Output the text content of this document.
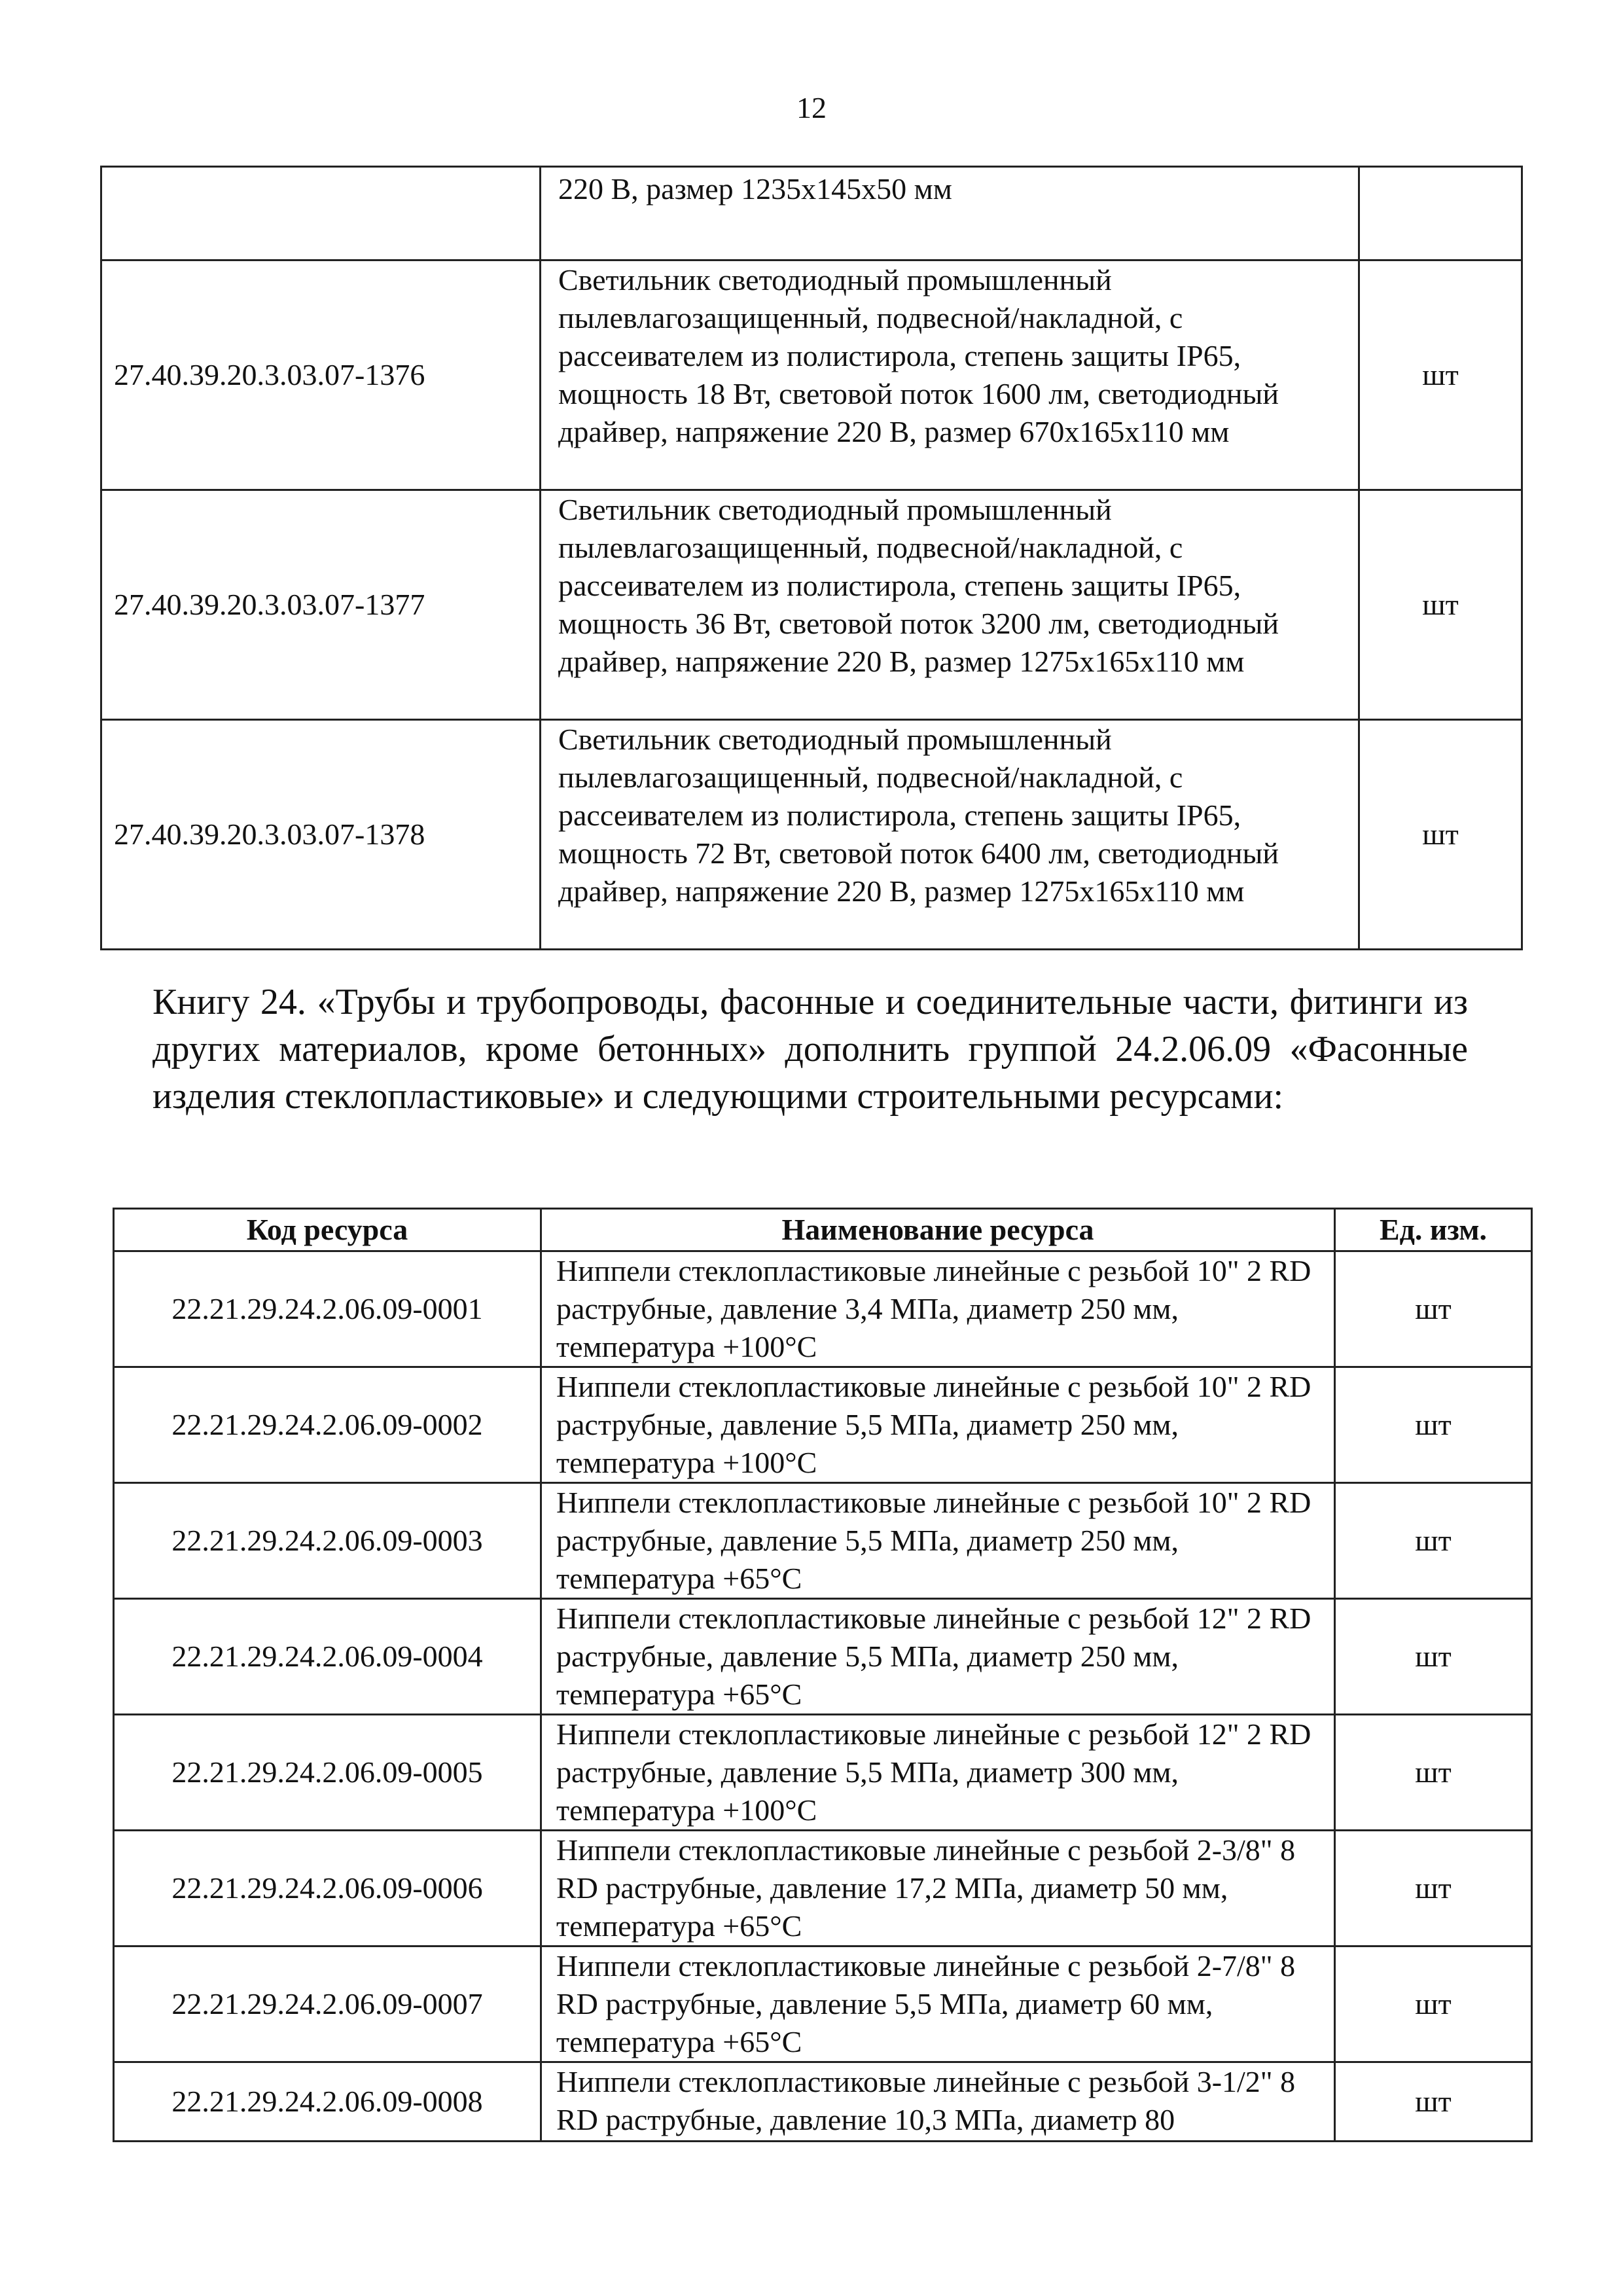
12
	220 В, размер 1235x145x50 мм	
27.40.39.20.3.03.07-1376	Светильник светодиодный промышленный пылевлагозащищенный, подвесной/накладной, с рассеивателем из полистирола, степень защиты IP65, мощность 18 Вт, световой поток 1600 лм, светодиодный драйвер, напряжение 220 В, размер 670x165x110 мм	шт
27.40.39.20.3.03.07-1377	Светильник светодиодный промышленный пылевлагозащищенный, подвесной/накладной, с рассеивателем из полистирола, степень защиты IP65, мощность 36 Вт, световой поток 3200 лм, светодиодный драйвер, напряжение 220 В, размер 1275x165x110 мм	шт
27.40.39.20.3.03.07-1378	Светильник светодиодный промышленный пылевлагозащищенный, подвесной/накладной, с рассеивателем из полистирола, степень защиты IP65, мощность 72 Вт, световой поток 6400 лм, светодиодный драйвер, напряжение 220 В, размер 1275x165x110 мм	шт
Книгу 24. «Трубы и трубопроводы, фасонные и соединительные части, фитинги из других материалов, кроме бетонных» дополнить группой 24.2.06.09 «Фасонные изделия стеклопластиковые» и следующими строительными ресурсами:
Код ресурса	Наименование ресурса	Ед. изм.
22.21.29.24.2.06.09-0001	Ниппели стеклопластиковые линейные с резьбой 10" 2 RD раструбные, давление 3,4 МПа, диаметр 250 мм, температура +100°С	шт
22.21.29.24.2.06.09-0002	Ниппели стеклопластиковые линейные с резьбой 10" 2 RD раструбные, давление 5,5 МПа, диаметр 250 мм, температура +100°С	шт
22.21.29.24.2.06.09-0003	Ниппели стеклопластиковые линейные с резьбой 10" 2 RD раструбные, давление 5,5 МПа, диаметр 250 мм, температура +65°С	шт
22.21.29.24.2.06.09-0004	Ниппели стеклопластиковые линейные с резьбой 12" 2 RD раструбные, давление 5,5 МПа, диаметр 250 мм, температура +65°С	шт
22.21.29.24.2.06.09-0005	Ниппели стеклопластиковые линейные с резьбой 12" 2 RD раструбные, давление 5,5 МПа, диаметр 300 мм, температура +100°С	шт
22.21.29.24.2.06.09-0006	Ниппели стеклопластиковые линейные с резьбой 2-3/8" 8 RD раструбные, давление 17,2 МПа, диаметр 50 мм, температура +65°С	шт
22.21.29.24.2.06.09-0007	Ниппели стеклопластиковые линейные с резьбой 2-7/8" 8 RD раструбные, давление 5,5 МПа, диаметр 60 мм, температура +65°С	шт
22.21.29.24.2.06.09-0008	Ниппели стеклопластиковые линейные с резьбой 3-1/2" 8 RD раструбные, давление 10,3 МПа, диаметр 80	шт
